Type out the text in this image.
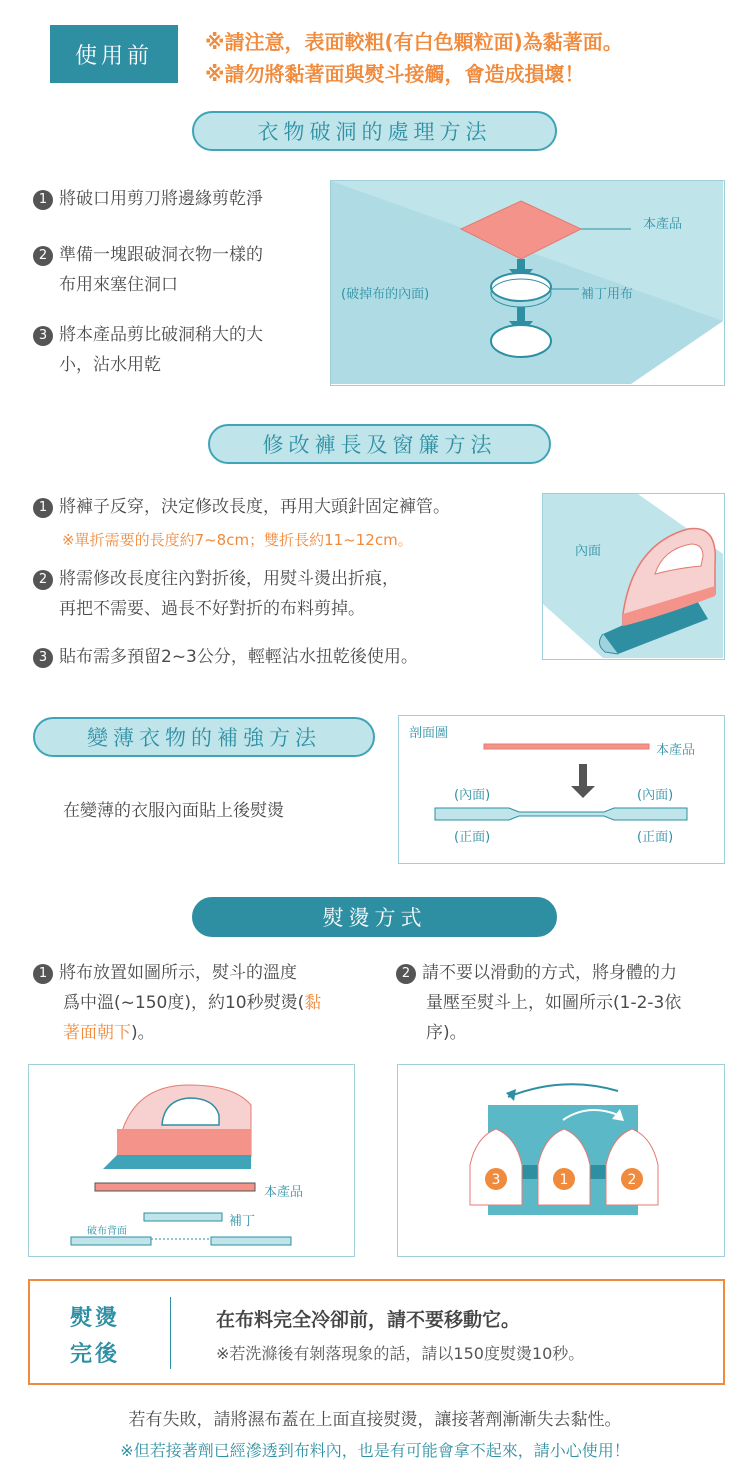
使用前
※請注意，表面較粗(有白色顆粒面)為黏著面。
※請勿將黏著面與熨斗接觸，會造成損壞！
衣物破洞的處理方法
1 將破口用剪刀將邊緣剪乾淨
2 準備一塊跟破洞衣物一樣的
布用來塞住洞口
3 將本產品剪比破洞稍大的大
小，沾水用乾
本產品
(破掉布的內面)	補丁用布
修改褲長及窗簾方法
1 將褲子反穿，決定修改長度，再用大頭針固定褲管。
※單折需要的長度約7~8cm；雙折長約11~12cm。
2 將需修改長度往內對折後，用熨斗燙出折痕，
再把不需要、過長不好對折的布料剪掉。
3 貼布需多預留2~3公分，輕輕沾水扭乾後使用。
內面
變薄衣物的補強方法
在變薄的衣服內面貼上後熨燙
剖面圖
本產品
(內面)	(內面)
(正面)	(正面)
熨燙方式
1 將布放置如圖所示，熨斗的溫度
爲中溫(~150度)，約10秒熨燙(黏
著面朝下)。
2 請不要以滑動的方式，將身體的力
量壓至熨斗上，如圖所示(1-2-3依
序)。
本產品
補丁
破布背面
3	1	2
熨燙
完後
在布料完全冷卻前，請不要移動它。
※若洗滌後有剝落現象的話，請以150度熨燙10秒。
若有失敗，請將濕布蓋在上面直接熨燙，讓接著劑漸漸失去黏性。
※但若接著劑已經滲透到布料內，也是有可能會拿不起來，請小心使用！
